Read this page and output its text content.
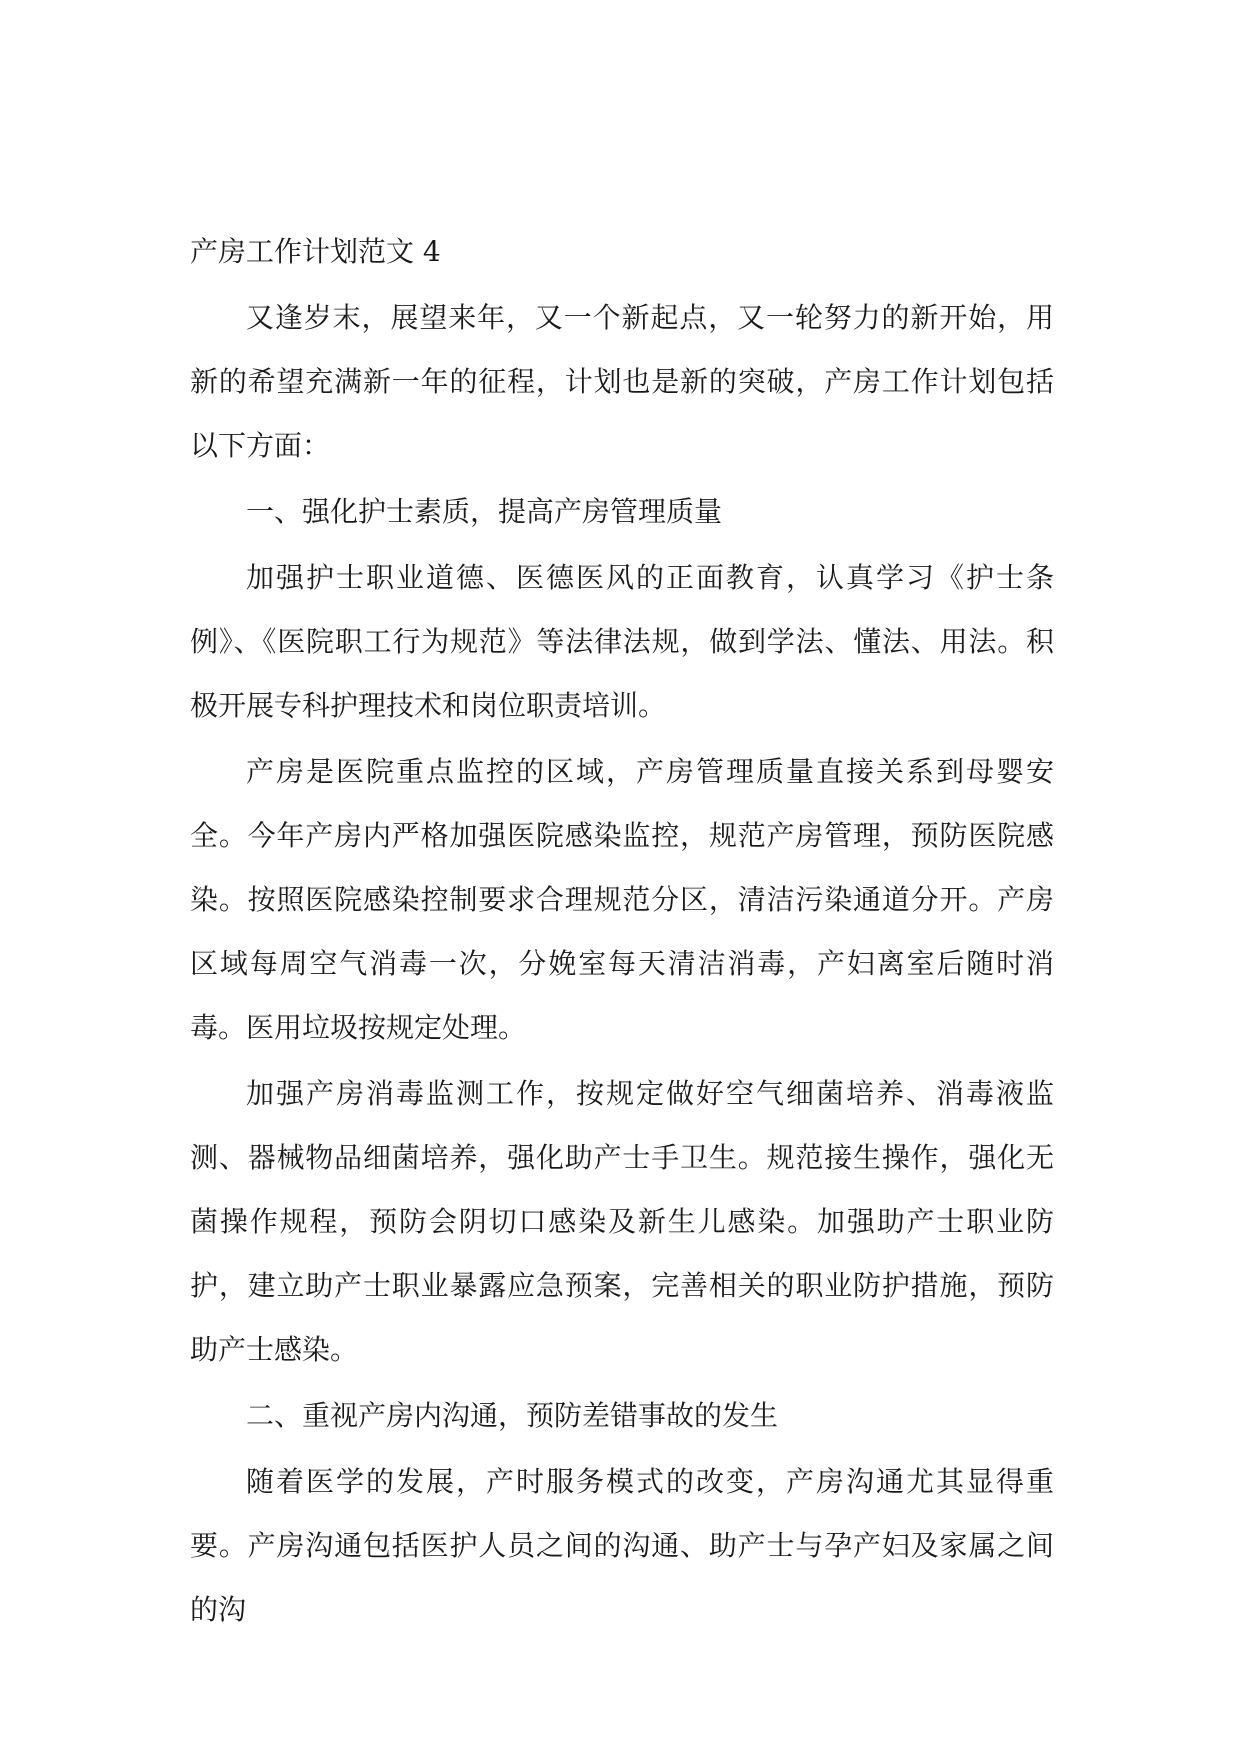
产房工作计划范文 4

又逢岁末，展望来年，又一个新起点，又一轮努力的新开始，用新的希望充满新一年的征程，计划也是新的突破，产房工作计划包括以下方面：

一、强化护士素质，提高产房管理质量

加强护士职业道德、医德医风的正面教育，认真学习《护士条例》、《医院职工行为规范》等法律法规，做到学法、懂法、用法。积极开展专科护理技术和岗位职责培训。

产房是医院重点监控的区域，产房管理质量直接关系到母婴安全。今年产房内严格加强医院感染监控，规范产房管理，预防医院感染。按照医院感染控制要求合理规范分区，清洁污染通道分开。产房区域每周空气消毒一次，分娩室每天清洁消毒，产妇离室后随时消毒。医用垃圾按规定处理。

加强产房消毒监测工作，按规定做好空气细菌培养、消毒液监测、器械物品细菌培养，强化助产士手卫生。规范接生操作，强化无菌操作规程，预防会阴切口感染及新生儿感染。加强助产士职业防护，建立助产士职业暴露应急预案，完善相关的职业防护措施，预防助产士感染。

二、重视产房内沟通，预防差错事故的发生

随着医学的发展，产时服务模式的改变，产房沟通尤其显得重要。产房沟通包括医护人员之间的沟通、助产士与孕产妇及家属之间的沟
